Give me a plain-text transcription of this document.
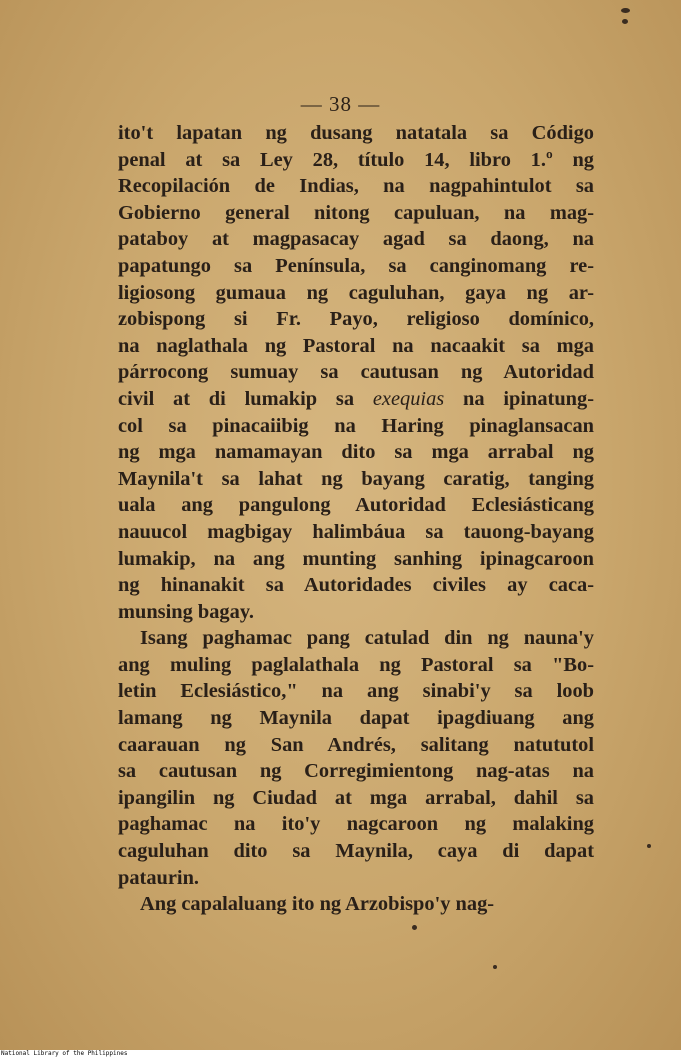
— 38 —
ito't lapatan ng dusang natatala sa Código
penal at sa Ley 28, título 14, libro 1.º ng
Recopilación de Indias, na nagpahintulot sa
Gobierno general nitong capuluan, na mag-
pataboy at magpasacay agad sa daong, na
papatungo sa Península, sa canginomang re-
ligiosong gumaua ng caguluhan, gaya ng ar-
zobispong si Fr. Payo, religioso domínico,
na naglathala ng Pastoral na nacaakit sa mga
párrocong sumuay sa cautusan ng Autoridad
civil at di lumakip sa exequias na ipinatung-
col sa pinacaiibig na Haring pinaglansacan
ng mga namamayan dito sa mga arrabal ng
Maynila't sa lahat ng bayang caratig, tanging
uala ang pangulong Autoridad Eclesiásticang
nauucol magbigay halimbáua sa tauong-bayang
lumakip, na ang munting sanhing ipinagcaroon
ng hinanakit sa Autoridades civiles ay caca-
munsing bagay.
Isang paghamac pang catulad din ng nauna'y
ang muling paglalathala ng Pastoral sa "Bo-
letin Eclesiástico," na ang sinabi'y sa loob
lamang ng Maynila dapat ipagdiuang ang
caarauan ng San Andrés, salitang natututol
sa cautusan ng Corregimientong nag-atas na
ipangilin ng Ciudad at mga arrabal, dahil sa
paghamac na ito'y nagcaroon ng malaking
caguluhan dito sa Maynila, caya di dapat
pataurin.
Ang capalaluang ito ng Arzobispo'y nag-
National Library of the Philippines
